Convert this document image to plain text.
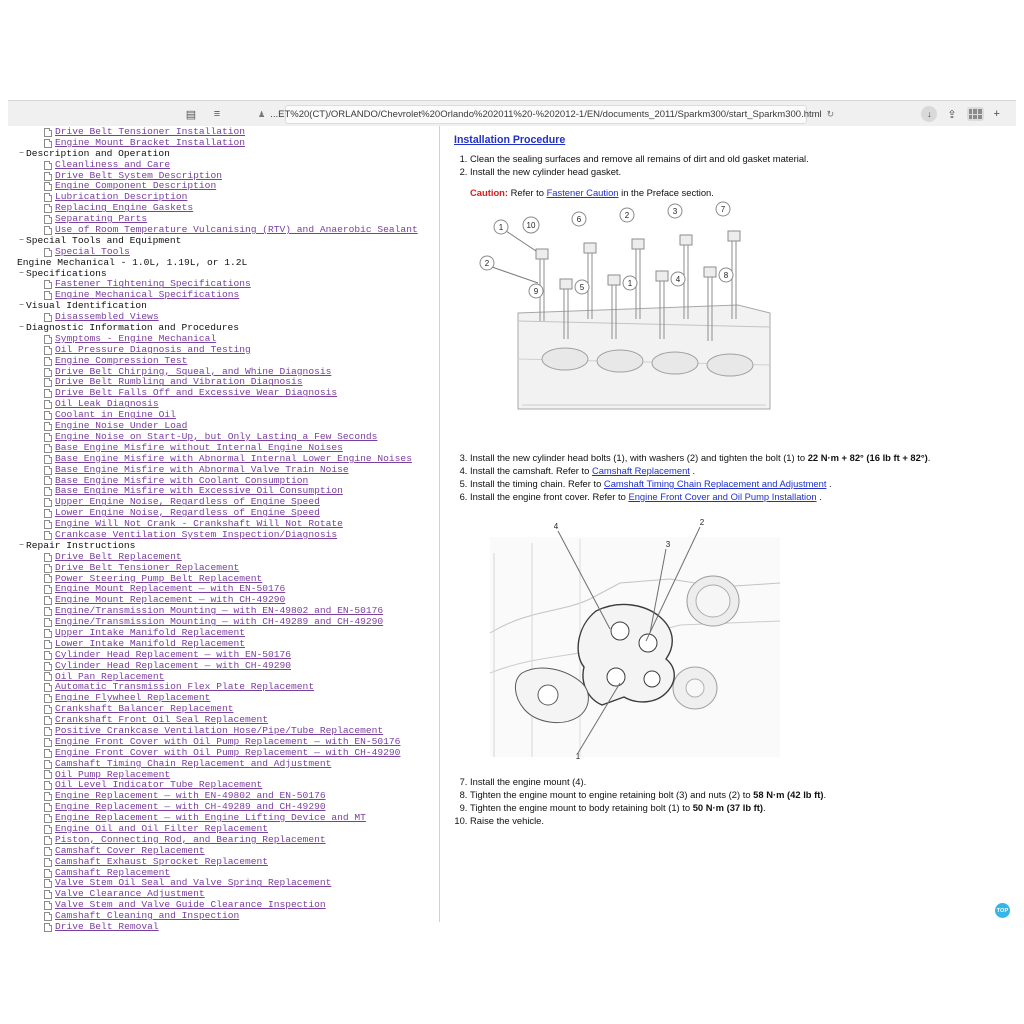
▤	≡	♟ ...ET%20(CT)/ORLANDO/Chevrolet%20Orlando%202011%20-%202012-1/EN/documents_2011/Sparkm300/start_Sparkm300.html ↻	↓	⇪	+
Drive Belt Tensioner Installation
Engine Mount Bracket Installation
− Description and Operation
Cleanliness and Care
Drive Belt System Description
Engine Component Description
Lubrication Description
Replacing Engine Gaskets
Separating Parts
Use of Room Temperature Vulcanising (RTV) and Anaerobic Sealant
− Special Tools and Equipment
Special Tools
Engine Mechanical - 1.0L, 1.19L, or 1.2L
− Specifications
Fastener Tightening Specifications
Engine Mechanical Specifications
− Visual Identification
Disassembled Views
− Diagnostic Information and Procedures
Symptoms - Engine Mechanical
Oil Pressure Diagnosis and Testing
Engine Compression Test
Drive Belt Chirping, Squeal, and Whine Diagnosis
Drive Belt Rumbling and Vibration Diagnosis
Drive Belt Falls Off and Excessive Wear Diagnosis
Oil Leak Diagnosis
Coolant in Engine Oil
Engine Noise Under Load
Engine Noise on Start-Up, but Only Lasting a Few Seconds
Base Engine Misfire without Internal Engine Noises
Base Engine Misfire with Abnormal Internal Lower Engine Noises
Base Engine Misfire with Abnormal Valve Train Noise
Base Engine Misfire with Coolant Consumption
Base Engine Misfire with Excessive Oil Consumption
Upper Engine Noise, Regardless of Engine Speed
Lower Engine Noise, Regardless of Engine Speed
Engine Will Not Crank - Crankshaft Will Not Rotate
Crankcase Ventilation System Inspection/Diagnosis
− Repair Instructions
Drive Belt Replacement
Drive Belt Tensioner Replacement
Power Steering Pump Belt Replacement
Engine Mount Replacement — with EN-50176
Engine Mount Replacement — with CH-49290
Engine/Transmission Mounting — with EN-49802 and EN-50176
Engine/Transmission Mounting — with CH-49289 and CH-49290
Upper Intake Manifold Replacement
Lower Intake Manifold Replacement
Cylinder Head Replacement — with EN-50176
Cylinder Head Replacement — with CH-49290
Oil Pan Replacement
Automatic Transmission Flex Plate Replacement
Engine Flywheel Replacement
Crankshaft Balancer Replacement
Crankshaft Front Oil Seal Replacement
Positive Crankcase Ventilation Hose/Pipe/Tube Replacement
Engine Front Cover with Oil Pump Replacement — with EN-50176
Engine Front Cover with Oil Pump Replacement — with CH-49290
Camshaft Timing Chain Replacement and Adjustment
Oil Pump Replacement
Oil Level Indicator Tube Replacement
Engine Replacement — with EN-49802 and EN-50176
Engine Replacement — with CH-49289 and CH-49290
Engine Replacement — with Engine Lifting Device and MT
Engine Oil and Oil Filter Replacement
Piston, Connecting Rod, and Bearing Replacement
Camshaft Cover Replacement
Camshaft Exhaust Sprocket Replacement
Camshaft Replacement
Valve Stem Oil Seal and Valve Spring Replacement
Valve Clearance Adjustment
Valve Stem and Valve Guide Clearance Inspection
Camshaft Cleaning and Inspection
Drive Belt Removal
Installation Procedure
1. Clean the sealing surfaces and remove all remains of dirt and old gasket material.
2. Install the new cylinder head gasket.
Caution: Refer to Fastener Caution in the Preface section.
1
2
10
6	2	3	7
9	5	1	4	8
3. Install the new cylinder head bolts (1), with washers (2) and tighten the bolt (1) to 22 N·m + 82° (16 lb ft + 82°).
4. Install the camshaft. Refer to Camshaft Replacement .
5. Install the timing chain. Refer to Camshaft Timing Chain Replacement and Adjustment .
6. Install the engine front cover. Refer to Engine Front Cover and Oil Pump Installation .
4	2
3
1
7. Install the engine mount (4).
8. Tighten the engine mount to engine retaining bolt (3) and nuts (2) to 58 N·m (42 lb ft).
9. Tighten the engine mount to body retaining bolt (1) to 50 N·m (37 lb ft).
10. Raise the vehicle.
TOP
